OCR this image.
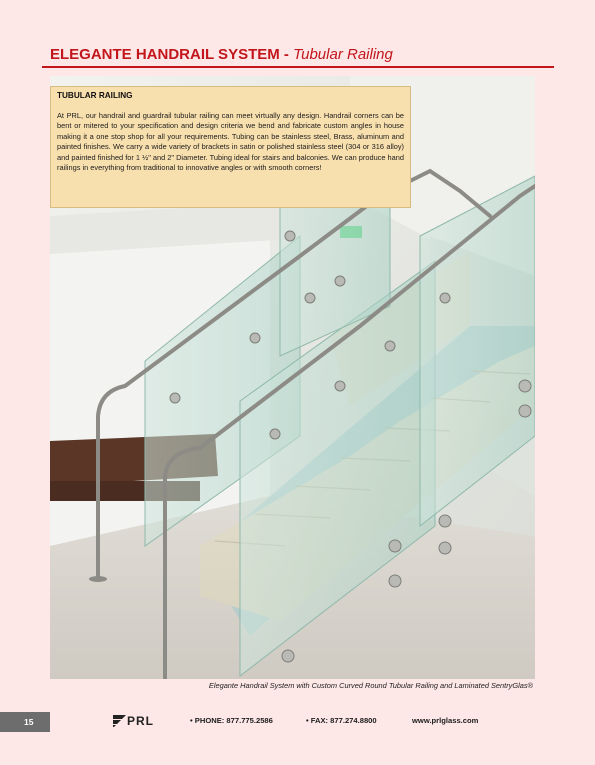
ELEGANTE HANDRAIL SYSTEM - Tubular Railing
TUBULAR RAILING

At PRL, our handrail and guardrail tubular railing can meet virtually any design. Handrail corners can be bent or mitered to your specification and design criteria we bend and fabricate custom angles in house making it a one stop shop for all your requirements. Tubing can be stainless steel, Brass, aluminum and painted finishes. We carry a wide variety of brackets in satin or polished stainless steel (304 or 316 alloy) and painted finished for 1 ½" and 2" Diameter. Tubing ideal for stairs and balconies. We can produce hand railings in everything from traditional to innovative angles or with smooth corners!

Elegante Handrail System with Custom Curved Round Tubular Railing and Laminated SentryGlas®
15	PRL	• PHONE: 877.775.2586	• FAX: 877.274.8800	www.prlglass.com
